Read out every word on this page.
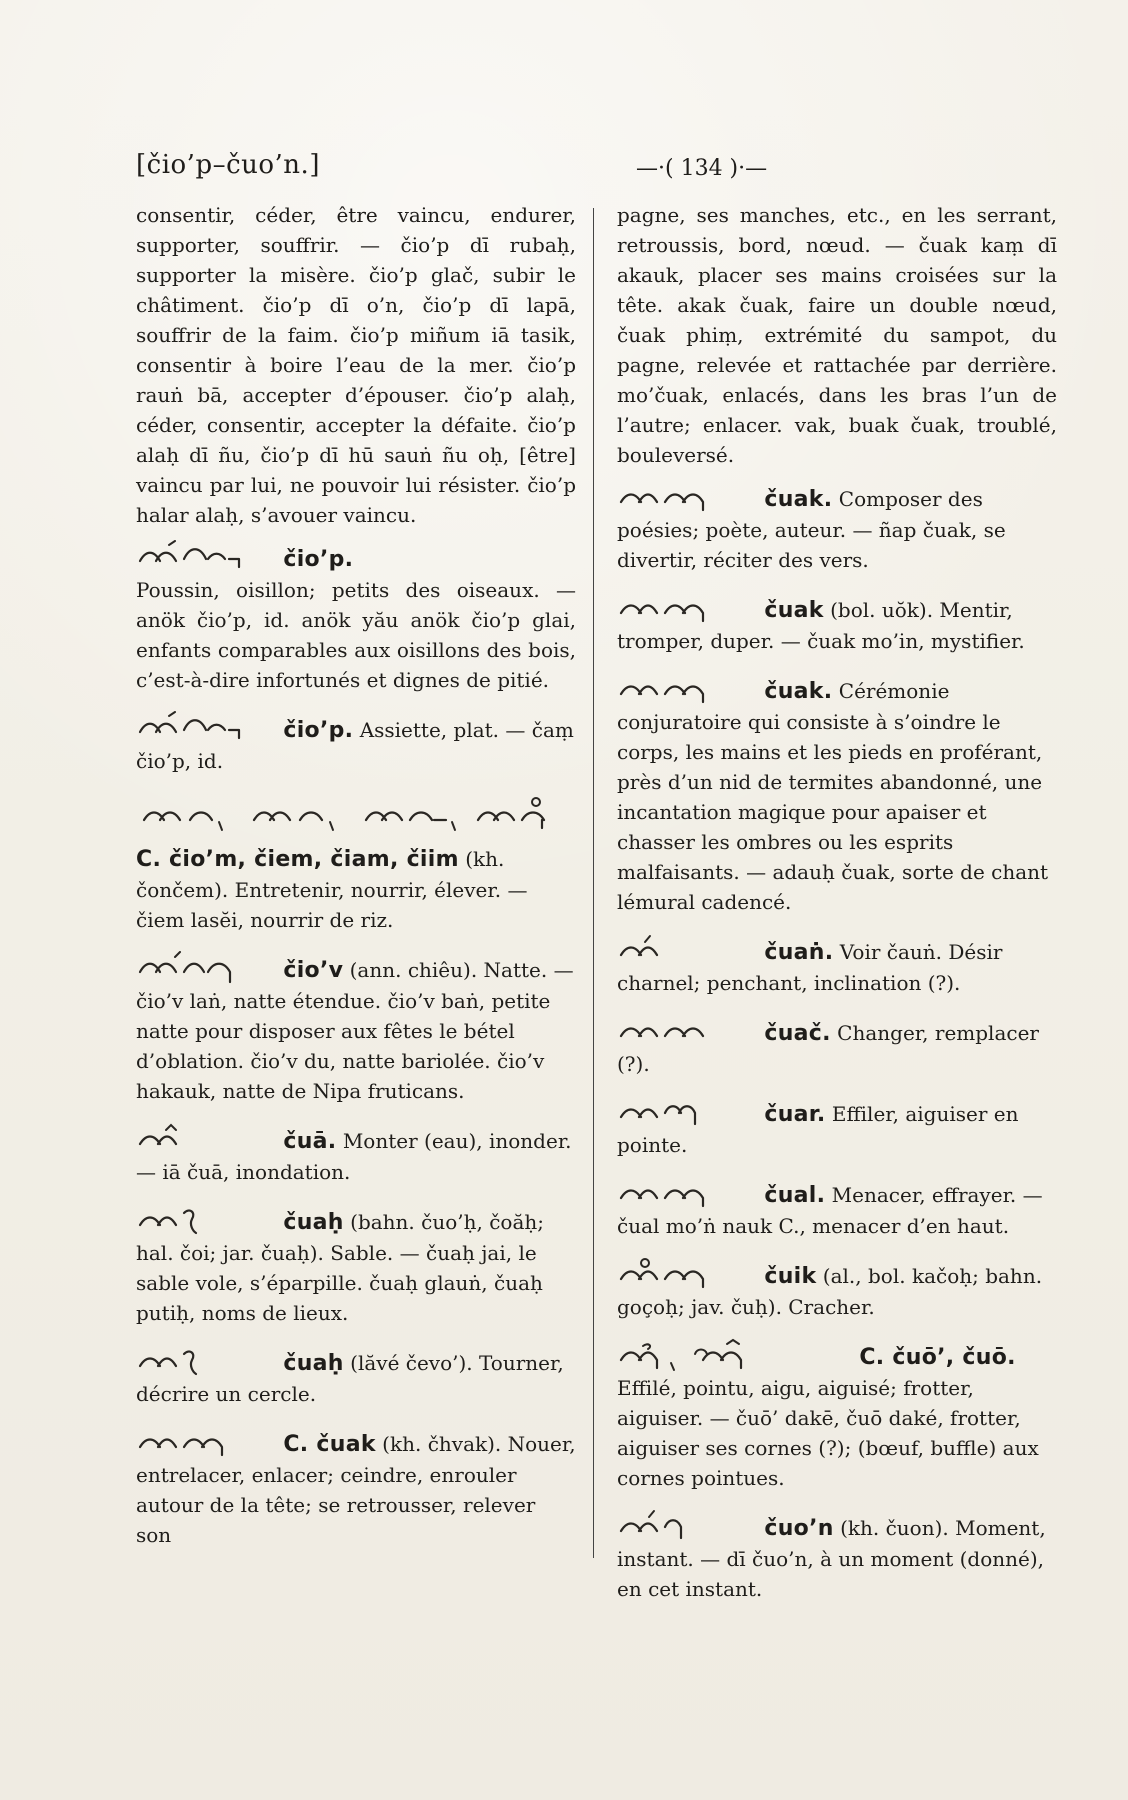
[čio’p–čuo’n.]	—·( 134 )·—
consentir, céder, être vaincu, endurer, supporter, souffrir. — čio’p dī rubaḥ, supporter la misère. čio’p glač, subir le châtiment. čio’p dī o’n, čio’p dī lapā, souffrir de la faim. čio’p miñum iā tasik, consentir à boire l’eau de la mer. čio’p rauṅ bā, accepter d’épouser. čio’p alaḥ, céder, consentir, accepter la défaite. čio’p alaḥ dī ñu, čio’p dī hū sauṅ ñu oḥ, [être] vaincu par lui, ne pouvoir lui résister. čio’p halar alaḥ, s’avouer vaincu.
čio’p.
Poussin, oisillon; petits des oiseaux. — anök čio’p, id. anök yău anök čio’p glai, enfants comparables aux oisillons des bois, c’est-à-dire infortunés et dignes de pitié.
čio’p. Assiette, plat. — čaṃ čio’p, id.
C. čio’m, čiem, čiam, čiim (kh. čončem). Entretenir, nourrir, élever. — čiem lasĕi, nourrir de riz.
čio’v (ann. chiêu). Natte. — čio’v laṅ, natte étendue. čio’v baṅ, petite natte pour disposer aux fêtes le bétel d’oblation. čio’v du, natte bariolée. čio’v hakauk, natte de Nipa fruticans.
čuā. Monter (eau), inonder. — iā čuā, inondation.
čuaḥ (bahn. čuo’ḥ, čoăḥ; hal. čoi; jar. čuaḥ). Sable. — čuaḥ jai, le sable vole, s’éparpille. čuaḥ glauṅ, čuaḥ putiḥ, noms de lieux.
čuaḥ (lăvé čevo’). Tourner, décrire un cercle.
C. čuak (kh. čhvak). Nouer, entrelacer, enlacer; ceindre, enrouler autour de la tête; se retrousser, relever son
pagne, ses manches, etc., en les serrant, retroussis, bord, nœud. — čuak kaṃ dī akauk, placer ses mains croisées sur la tête. akak čuak, faire un double nœud, čuak phiṃ, extrémité du sampot, du pagne, relevée et rattachée par derrière. mo’čuak, enlacés, dans les bras l’un de l’autre; enlacer. vak, buak čuak, troublé, bouleversé.
čuak. Composer des poésies; poète, auteur. — ñap čuak, se divertir, réciter des vers.
čuak (bol. uŏk). Mentir, tromper, duper. — čuak mo’in, mystifier.
čuak. Cérémonie conjuratoire qui consiste à s’oindre le corps, les mains et les pieds en proférant, près d’un nid de termites abandonné, une incantation magique pour apaiser et chasser les ombres ou les esprits malfaisants. — adauḥ čuak, sorte de chant lémural cadencé.
čuaṅ. Voir čauṅ. Désir charnel; penchant, inclination (?).
čuač. Changer, remplacer (?).
čuar. Effiler, aiguiser en pointe.
čual. Menacer, effrayer. — čual mo’ṅ nauk C., menacer d’en haut.
čuik (al., bol. kačoḥ; bahn. goçoḥ; jav. čuḥ). Cracher.
C. čuō’, čuō. Effilé, pointu, aigu, aiguisé; frotter, aiguiser. — čuō’ dakē, čuō daké, frotter, aiguiser ses cornes (?); (bœuf, buffle) aux cornes pointues.
čuo’n (kh. čuon). Moment, instant. — dī čuo’n, à un moment (donné), en cet instant.
